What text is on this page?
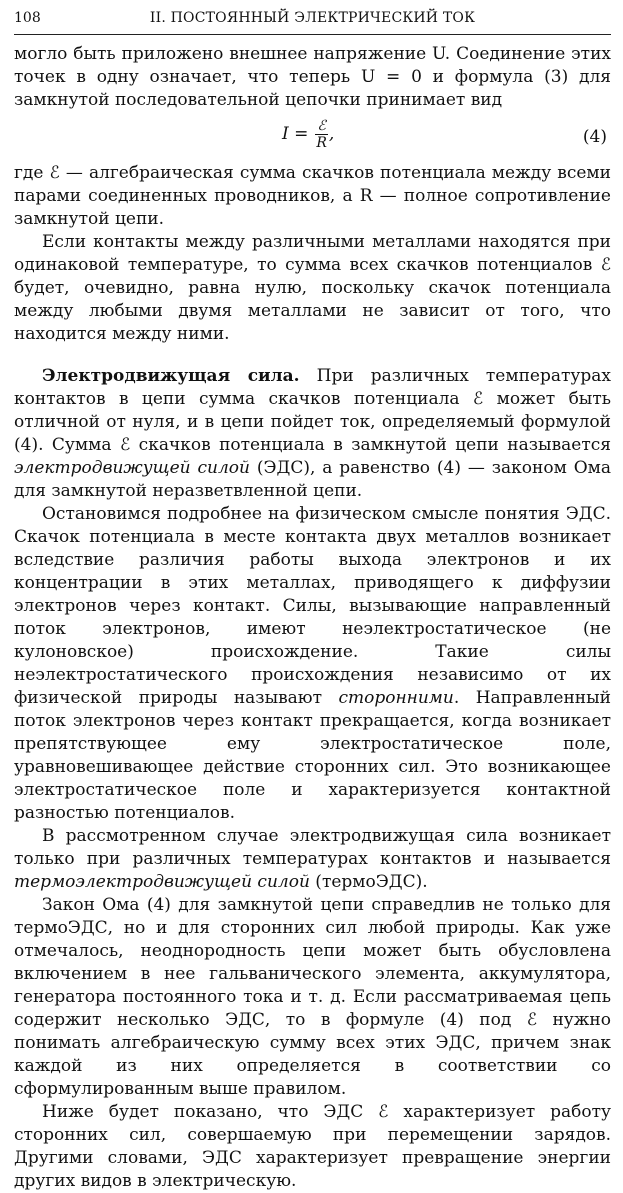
108	II. ПОСТОЯННЫЙ ЭЛЕКТРИЧЕСКИЙ ТОК

могло быть приложено внешнее напряжение U. Соединение этих точек в одну означает, что теперь U = 0 и формула (3) для замкнутой последовательной цепочки принимает вид

$I = \frac{\text{ℰ}}{R}$ ,	(4)

где ℰ — алгебраическая сумма скачков потенциала между всеми парами соединенных проводников, а R — полное сопротивление замкнутой цепи.

Если контакты между различными металлами находятся при одинаковой температуре, то сумма всех скачков потенциалов ℰ будет, очевидно, равна нулю, поскольку скачок потенциала между любыми двумя металлами не зависит от того, что находится между ними.

Электродвижущая сила. При различных температурах контактов в цепи сумма скачков потенциала ℰ может быть отличной от нуля, и в цепи пойдет ток, определяемый формулой (4). Сумма ℰ скачков потенциала в замкнутой цепи называется электродвижущей силой (ЭДС), а равенство (4) — законом Ома для замкнутой неразветвленной цепи.

Остановимся подробнее на физическом смысле понятия ЭДС. Скачок потенциала в месте контакта двух металлов возникает вследствие различия работы выхода электронов и их концентрации в этих металлах, приводящего к диффузии электронов через контакт. Силы, вызывающие направленный поток электронов, имеют неэлектростатическое (не кулоновское) происхождение. Такие силы неэлектростатического происхождения независимо от их физической природы называют сторонними. Направленный поток электронов через контакт прекращается, когда возникает препятствующее ему электростатическое поле, уравновешивающее действие сторонних сил. Это возникающее электростатическое поле и характеризуется контактной разностью потенциалов.

В рассмотренном случае электродвижущая сила возникает только при различных температурах контактов и называется термоэлектродвижущей силой (термоЭДС).

Закон Ома (4) для замкнутой цепи справедлив не только для термоЭДС, но и для сторонних сил любой природы. Как уже отмечалось, неоднородность цепи может быть обусловлена включением в нее гальванического элемента, аккумулятора, генератора постоянного тока и т. д. Если рассматриваемая цепь содержит несколько ЭДС, то в формуле (4) под ℰ нужно понимать алгебраическую сумму всех этих ЭДС, причем знак каждой из них определяется в соответствии со сформулированным выше правилом.

Ниже будет показано, что ЭДС ℰ характеризует работу сторонних сил, совершаемую при перемещении зарядов. Другими словами, ЭДС характеризует превращение энергии других видов в электрическую.
